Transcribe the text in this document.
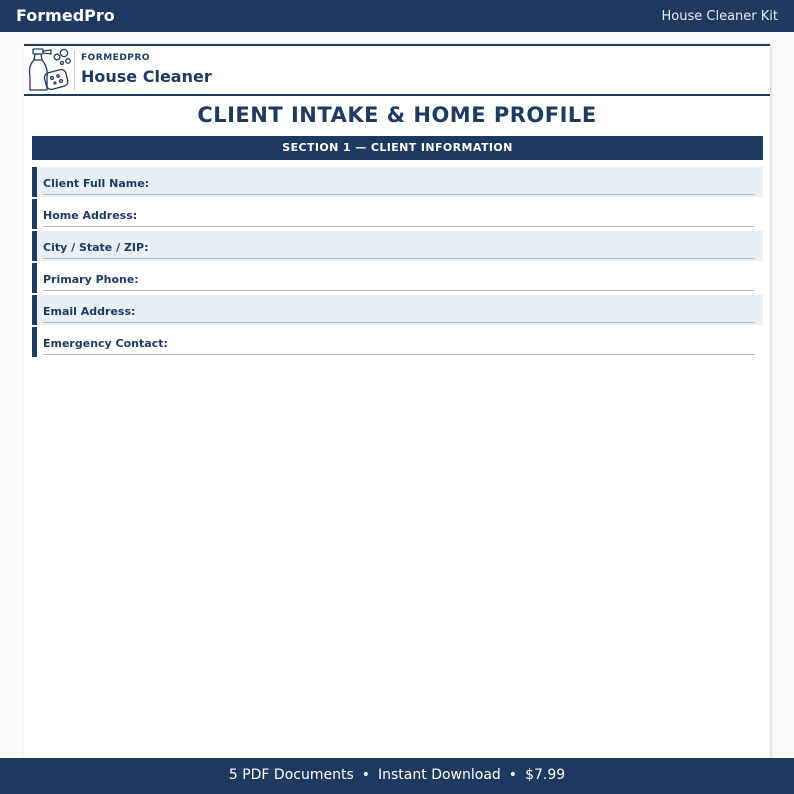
FormedPro	House Cleaner Kit
FORMEDPRO
House Cleaner
CLIENT INTAKE & HOME PROFILE
SECTION 1 — CLIENT INFORMATION
Client Full Name:
Home Address:
City / State / ZIP:
Primary Phone:
Email Address:
Emergency Contact:
5 PDF Documents • Instant Download • $7.99
